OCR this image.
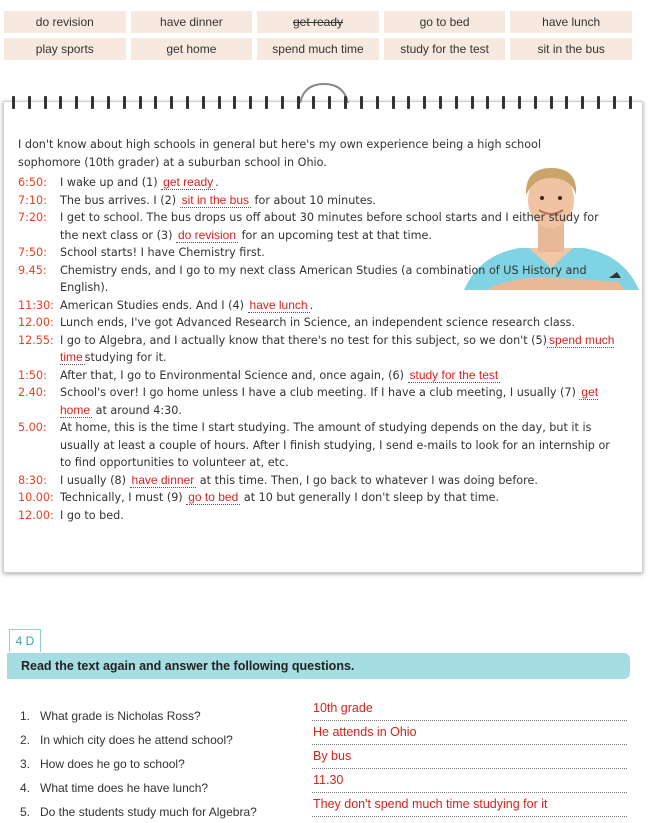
do revision	have dinner	get ready	go to bed	have lunch
play sports	get home	spend much time	study for the test	sit in the bus
I don't know about high schools in general but here's my own experience being a high school sophomore (10th grader) at a suburban school in Ohio.
6:50:	I wake up and (1) get ready .
7:10:	The bus arrives. I (2) sit in the bus for about 10 minutes.
7:20:	I get to school. The bus drops us off about 30 minutes before school starts and I either study for the next class or (3) do revision for an upcoming test at that time.
7:50:	School starts! I have Chemistry first.
9.45:	Chemistry ends, and I go to my next class American Studies (a combination of US History and English).
11:30: American Studies ends. And I (4) have lunch .
12.00: Lunch ends, I've got Advanced Research in Science, an independent science research class.
12.55: I go to Algebra, and I actually know that there's no test for this subject, so we don't (5) spend much time studying for it.
1:50:	After that, I go to Environmental Science and, once again, (6) study for the test
2.40:	School's over! I go home unless I have a club meeting. If I have a club meeting, I usually (7) get home at around 4:30.
5.00:	At home, this is the time I start studying. The amount of studying depends on the day, but it is usually at least a couple of hours. After I finish studying, I send e-mails to look for an internship or to find opportunities to volunteer at, etc.
8:30:	I usually (8) have dinner at this time. Then, I go back to whatever I was doing before.
10.00: Technically, I must (9) go to bed at 10 but generally I don't sleep by that time.
12.00: I go to bed.
4 D
Read the text again and answer the following questions.
1. What grade is Nicholas Ross?
10th grade
2. In which city does he attend school?
He attends in Ohio
3. How does he go to school?
By bus
4. What time does he have lunch?
11.30
5. Do the students study much for Algebra?
They don't spend much time studying for it
